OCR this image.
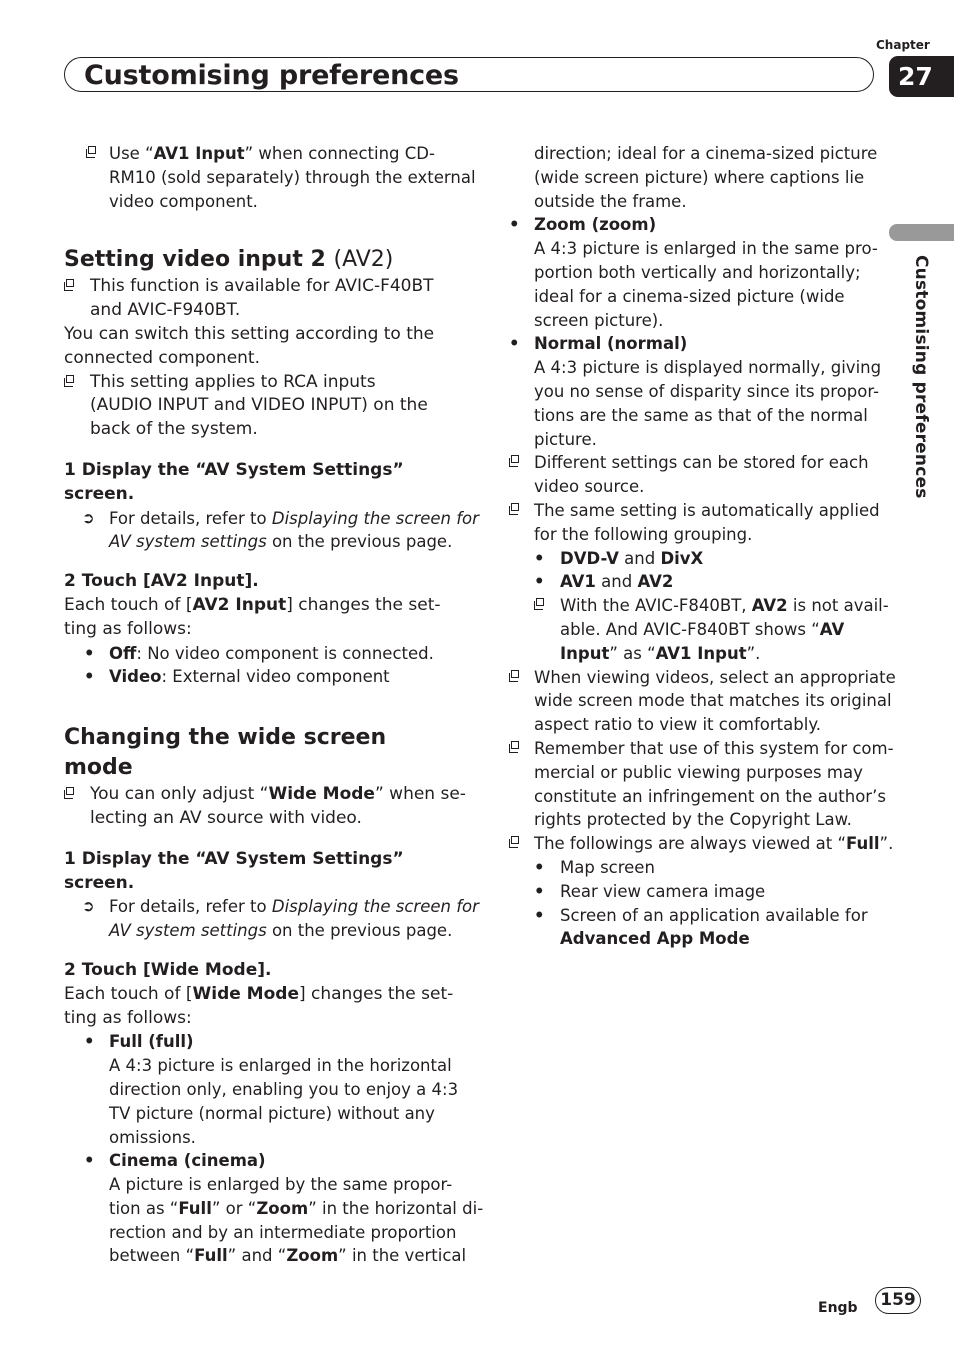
Customising preferences
Chapter
27
Customising preferences
Use “AV1 Input” when connecting CD-
RM10 (sold separately) through the external
video component.
Setting video input 2 (AV2)
This function is available for AVIC-F40BT
and AVIC-F940BT.
You can switch this setting according to the
connected component.
This setting applies to RCA inputs
(AUDIO INPUT and VIDEO INPUT) on the
back of the system.
1 Display the “AV System Settings”
screen.
➲ For details, refer to Displaying the screen for
AV system settings on the previous page.
2 Touch [AV2 Input].
Each touch of [AV2 Input] changes the set-
ting as follows:
• Off: No video component is connected.
• Video: External video component
Changing the wide screen mode
You can only adjust “Wide Mode” when se-
lecting an AV source with video.
1 Display the “AV System Settings”
screen.
➲ For details, refer to Displaying the screen for
AV system settings on the previous page.
2 Touch [Wide Mode].
Each touch of [Wide Mode] changes the set-
ting as follows:
• Full (full)
A 4:3 picture is enlarged in the horizontal
direction only, enabling you to enjoy a 4:3
TV picture (normal picture) without any
omissions.
• Cinema (cinema)
A picture is enlarged by the same propor-
tion as “Full” or “Zoom” in the horizontal di-
rection and by an intermediate proportion
between “Full” and “Zoom” in the vertical
direction; ideal for a cinema-sized picture
(wide screen picture) where captions lie
outside the frame.
• Zoom (zoom)
A 4:3 picture is enlarged in the same pro-
portion both vertically and horizontally;
ideal for a cinema-sized picture (wide
screen picture).
• Normal (normal)
A 4:3 picture is displayed normally, giving
you no sense of disparity since its propor-
tions are the same as that of the normal
picture.
Different settings can be stored for each
video source.
The same setting is automatically applied
for the following grouping.
• DVD-V and DivX
• AV1 and AV2
With the AVIC-F840BT, AV2 is not avail-
able. And AVIC-F840BT shows “AV
Input” as “AV1 Input”.
When viewing videos, select an appropriate
wide screen mode that matches its original
aspect ratio to view it comfortably.
Remember that use of this system for com-
mercial or public viewing purposes may
constitute an infringement on the author’s
rights protected by the Copyright Law.
The followings are always viewed at “Full”.
• Map screen
• Rear view camera image
• Screen of an application available for
Advanced App Mode
Engb	159
